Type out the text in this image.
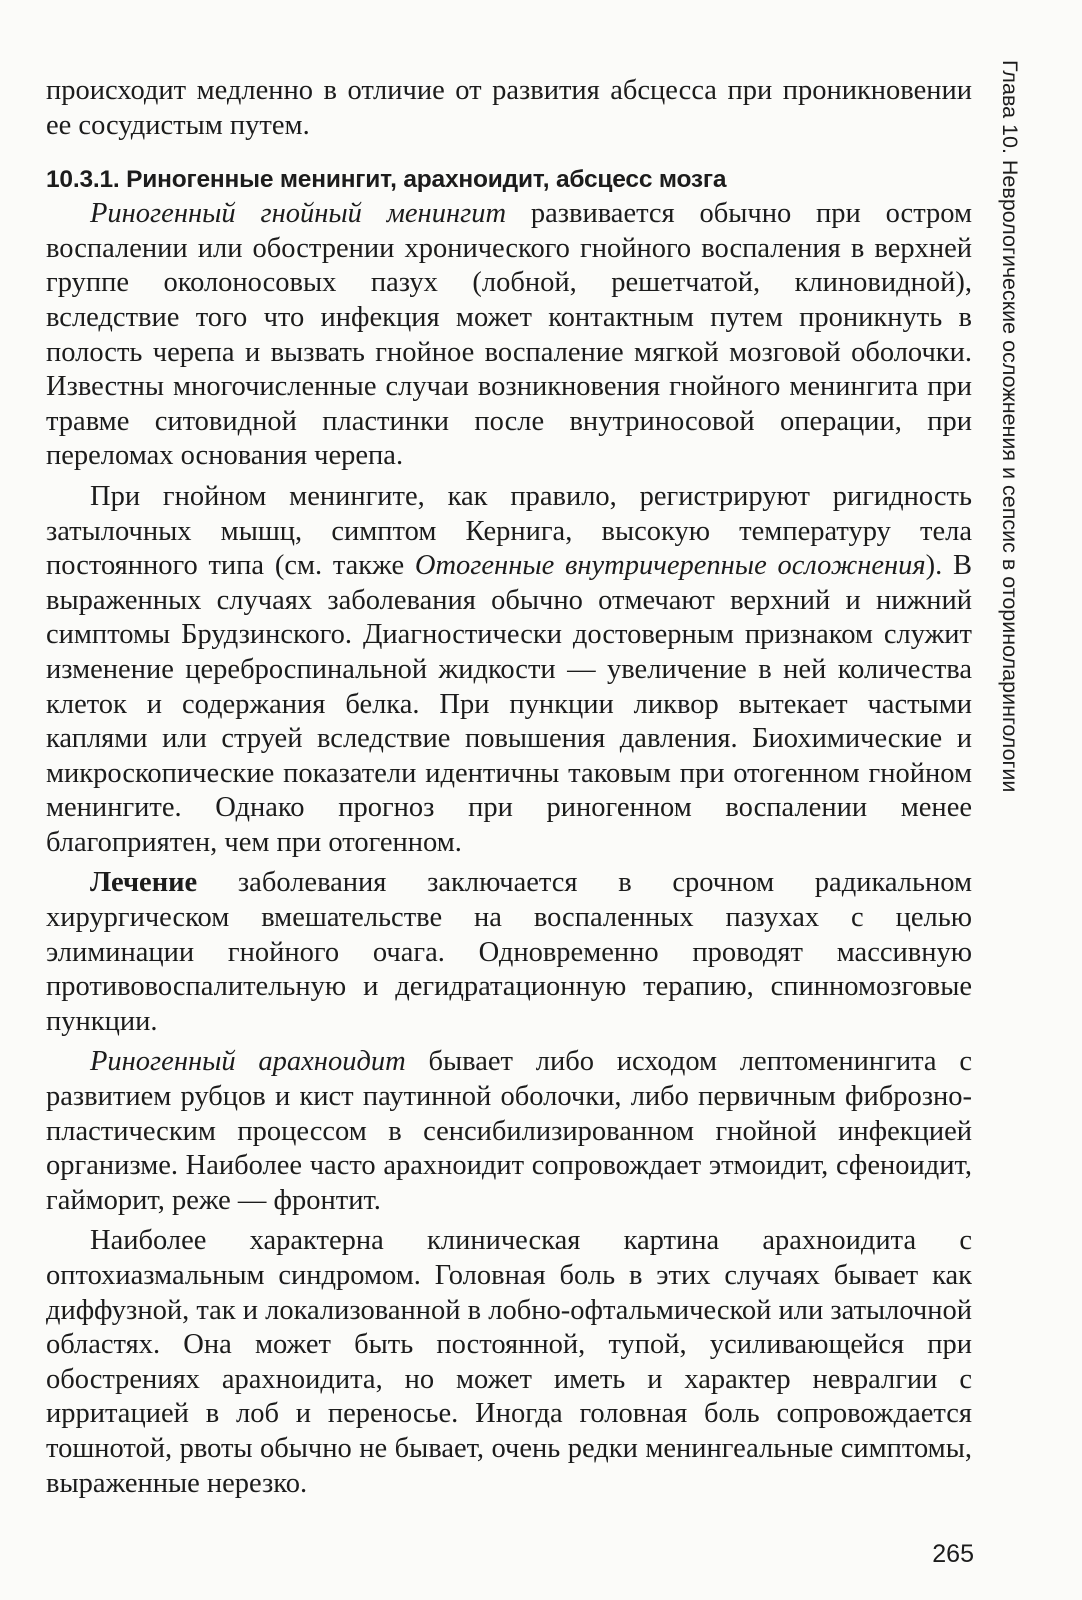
Глава 10. Неврологические осложнения и сепсис в оториноларингологии

происходит медленно в отличие от развития абсцесса при проникновении ее сосудистым путем.

10.3.1. Риногенные менингит, арахноидит, абсцесс мозга

Риногенный гнойный менингит развивается обычно при остром воспалении или обострении хронического гнойного воспаления в верхней группе околоносовых пазух (лобной, решетчатой, клиновидной), вследствие того что инфекция может контактным путем проникнуть в полость черепа и вызвать гнойное воспаление мягкой мозговой оболочки. Известны многочисленные случаи возникновения гнойного менингита при травме ситовидной пластинки после внутриносовой операции, при переломах основания черепа.

При гнойном менингите, как правило, регистрируют ригидность затылочных мышц, симптом Кернига, высокую температуру тела постоянного типа (см. также Отогенные внутричерепные осложнения). В выраженных случаях заболевания обычно отмечают верхний и нижний симптомы Брудзинского. Диагностически достоверным признаком служит изменение цереброспинальной жидкости — увеличение в ней количества клеток и содержания белка. При пункции ликвор вытекает частыми каплями или струей вследствие повышения давления. Биохимические и микроскопические показатели идентичны таковым при отогенном гнойном менингите. Однако прогноз при риногенном воспалении менее благоприятен, чем при отогенном.

Лечение заболевания заключается в срочном радикальном хирургическом вмешательстве на воспаленных пазухах с целью элиминации гнойного очага. Одновременно проводят массивную противовоспалительную и дегидратационную терапию, спинномозговые пункции.

Риногенный арахноидит бывает либо исходом лептоменингита с развитием рубцов и кист паутинной оболочки, либо первичным фиброзно-пластическим процессом в сенсибилизированном гнойной инфекцией организме. Наиболее часто арахноидит сопровождает этмоидит, сфеноидит, гайморит, реже — фронтит.

Наиболее характерна клиническая картина арахноидита с оптохиазмальным синдромом. Головная боль в этих случаях бывает как диффузной, так и локализованной в лобно-офтальмической или затылочной областях. Она может быть постоянной, тупой, усиливающейся при обострениях арахноидита, но может иметь и характер невралгии с ирритацией в лоб и переносье. Иногда головная боль сопровождается тошнотой, рвоты обычно не бывает, очень редки менингеальные симптомы, выраженные нерезко.

265
